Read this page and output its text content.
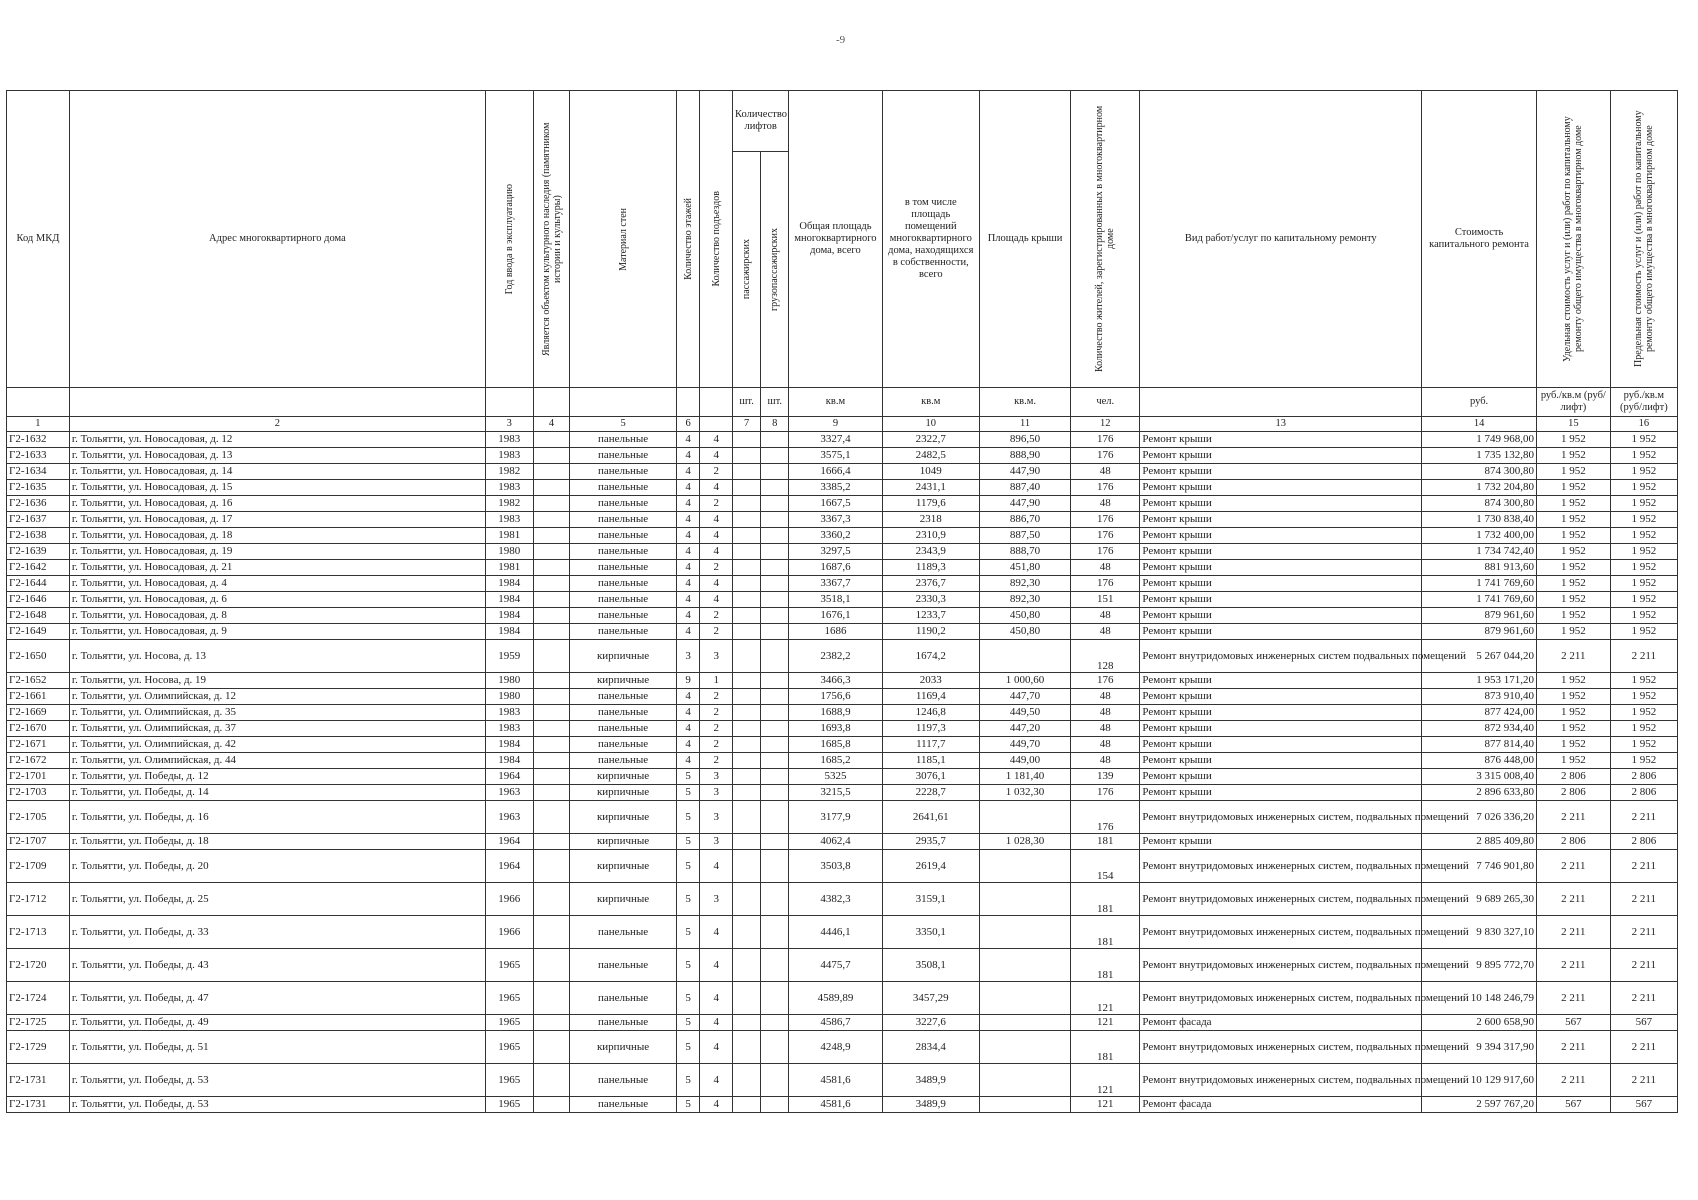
-9
Код МКД	Адрес многоквартирного дома	Год ввода в эксплуатацию	Является объектом культурного наследия (памятником истории и культуры)	Материал стен	Количество этажей	Количество подъездов	Количество лифтов		Общая площадь многоквартирного дома, всего	в том числе площадь помещений многоквартирного дома, находящихся в собственности, всего	Площадь крыши	Количество жителей, зарегистрированных в многоквартирном доме	Вид работ/услуг по капитальному ремонту	Стоимость капитального ремонта	Удельная стоимость услуг и (или) работ по капитальному ремонту общего имущества в многоквартирном доме	Предельная стоимость услуг и (или) работ по капитальному ремонту общего имущества в многоквартирном доме

							пассажирских	грузопассажирских								

							шт.	шт.	кв.м	кв.м	кв.м.	чел.		руб.	руб./кв.м (руб/лифт)	руб./кв.м (руб/лифт)
1	2	3	4	5	6		7	8	9	10	11	12	13	14	15	16
Г2-1632	г. Тольятти, ул. Новосадовая, д. 12	1983		панельные	4	4			3327,4	2322,7	896,50	176	Ремонт крыши	1 749 968,00	1 952	1 952
Г2-1633	г. Тольятти, ул. Новосадовая, д. 13	1983		панельные	4	4			3575,1	2482,5	888,90	176	Ремонт крыши	1 735 132,80	1 952	1 952
Г2-1634	г. Тольятти, ул. Новосадовая, д. 14	1982		панельные	4	2			1666,4	1049	447,90	48	Ремонт крыши	874 300,80	1 952	1 952
Г2-1635	г. Тольятти, ул. Новосадовая, д. 15	1983		панельные	4	4			3385,2	2431,1	887,40	176	Ремонт крыши	1 732 204,80	1 952	1 952
Г2-1636	г. Тольятти, ул. Новосадовая, д. 16	1982		панельные	4	2			1667,5	1179,6	447,90	48	Ремонт крыши	874 300,80	1 952	1 952
Г2-1637	г. Тольятти, ул. Новосадовая, д. 17	1983		панельные	4	4			3367,3	2318	886,70	176	Ремонт крыши	1 730 838,40	1 952	1 952
Г2-1638	г. Тольятти, ул. Новосадовая, д. 18	1981		панельные	4	4			3360,2	2310,9	887,50	176	Ремонт крыши	1 732 400,00	1 952	1 952
Г2-1639	г. Тольятти, ул. Новосадовая, д. 19	1980		панельные	4	4			3297,5	2343,9	888,70	176	Ремонт крыши	1 734 742,40	1 952	1 952
Г2-1642	г. Тольятти, ул. Новосадовая, д. 21	1981		панельные	4	2			1687,6	1189,3	451,80	48	Ремонт крыши	881 913,60	1 952	1 952
Г2-1644	г. Тольятти, ул. Новосадовая, д. 4	1984		панельные	4	4			3367,7	2376,7	892,30	176	Ремонт крыши	1 741 769,60	1 952	1 952
Г2-1646	г. Тольятти, ул. Новосадовая, д. 6	1984		панельные	4	4			3518,1	2330,3	892,30	151	Ремонт крыши	1 741 769,60	1 952	1 952
Г2-1648	г. Тольятти, ул. Новосадовая, д. 8	1984		панельные	4	2			1676,1	1233,7	450,80	48	Ремонт крыши	879 961,60	1 952	1 952
Г2-1649	г. Тольятти, ул. Новосадовая, д. 9	1984		панельные	4	2			1686	1190,2	450,80	48	Ремонт крыши	879 961,60	1 952	1 952
Г2-1650	г. Тольятти, ул. Носова, д. 13	1959		кирпичные	3	3			2382,2	1674,2		128	Ремонт внутридомовых инженерных систем подвальных помещений	5 267 044,20	2 211	2 211
Г2-1652	г. Тольятти, ул. Носова, д. 19	1980		кирпичные	9	1			3466,3	2033	1 000,60	176	Ремонт крыши	1 953 171,20	1 952	1 952
Г2-1661	г. Тольятти, ул. Олимпийская, д. 12	1980		панельные	4	2			1756,6	1169,4	447,70	48	Ремонт крыши	873 910,40	1 952	1 952
Г2-1669	г. Тольятти, ул. Олимпийская, д. 35	1983		панельные	4	2			1688,9	1246,8	449,50	48	Ремонт крыши	877 424,00	1 952	1 952
Г2-1670	г. Тольятти, ул. Олимпийская, д. 37	1983		панельные	4	2			1693,8	1197,3	447,20	48	Ремонт крыши	872 934,40	1 952	1 952
Г2-1671	г. Тольятти, ул. Олимпийская, д. 42	1984		панельные	4	2			1685,8	1117,7	449,70	48	Ремонт крыши	877 814,40	1 952	1 952
Г2-1672	г. Тольятти, ул. Олимпийская, д. 44	1984		панельные	4	2			1685,2	1185,1	449,00	48	Ремонт крыши	876 448,00	1 952	1 952
Г2-1701	г. Тольятти, ул. Победы, д. 12	1964		кирпичные	5	3			5325	3076,1	1 181,40	139	Ремонт крыши	3 315 008,40	2 806	2 806
Г2-1703	г. Тольятти, ул. Победы, д. 14	1963		кирпичные	5	3			3215,5	2228,7	1 032,30	176	Ремонт крыши	2 896 633,80	2 806	2 806
Г2-1705	г. Тольятти, ул. Победы, д. 16	1963		кирпичные	5	3			3177,9	2641,61		176	Ремонт внутридомовых инженерных систем, подвальных помещений	7 026 336,20	2 211	2 211
Г2-1707	г. Тольятти, ул. Победы, д. 18	1964		кирпичные	5	3			4062,4	2935,7	1 028,30	181	Ремонт крыши	2 885 409,80	2 806	2 806
Г2-1709	г. Тольятти, ул. Победы, д. 20	1964		кирпичные	5	4			3503,8	2619,4		154	Ремонт внутридомовых инженерных систем, подвальных помещений	7 746 901,80	2 211	2 211
Г2-1712	г. Тольятти, ул. Победы, д. 25	1966		кирпичные	5	3			4382,3	3159,1		181	Ремонт внутридомовых инженерных систем, подвальных помещений	9 689 265,30	2 211	2 211
Г2-1713	г. Тольятти, ул. Победы, д. 33	1966		панельные	5	4			4446,1	3350,1		181	Ремонт внутридомовых инженерных систем, подвальных помещений	9 830 327,10	2 211	2 211
Г2-1720	г. Тольятти, ул. Победы, д. 43	1965		панельные	5	4			4475,7	3508,1		181	Ремонт внутридомовых инженерных систем, подвальных помещений	9 895 772,70	2 211	2 211
Г2-1724	г. Тольятти, ул. Победы, д. 47	1965		панельные	5	4			4589,89	3457,29		121	Ремонт внутридомовых инженерных систем, подвальных помещений	10 148 246,79	2 211	2 211
Г2-1725	г. Тольятти, ул. Победы, д. 49	1965		панельные	5	4			4586,7	3227,6		121	Ремонт фасада	2 600 658,90	567	567
Г2-1729	г. Тольятти, ул. Победы, д. 51	1965		кирпичные	5	4			4248,9	2834,4		181	Ремонт внутридомовых инженерных систем, подвальных помещений	9 394 317,90	2 211	2 211
Г2-1731	г. Тольятти, ул. Победы, д. 53	1965		панельные	5	4			4581,6	3489,9		121	Ремонт внутридомовых инженерных систем, подвальных помещений	10 129 917,60	2 211	2 211
Г2-1731	г. Тольятти, ул. Победы, д. 53	1965		панельные	5	4			4581,6	3489,9		121	Ремонт фасада	2 597 767,20	567	567
